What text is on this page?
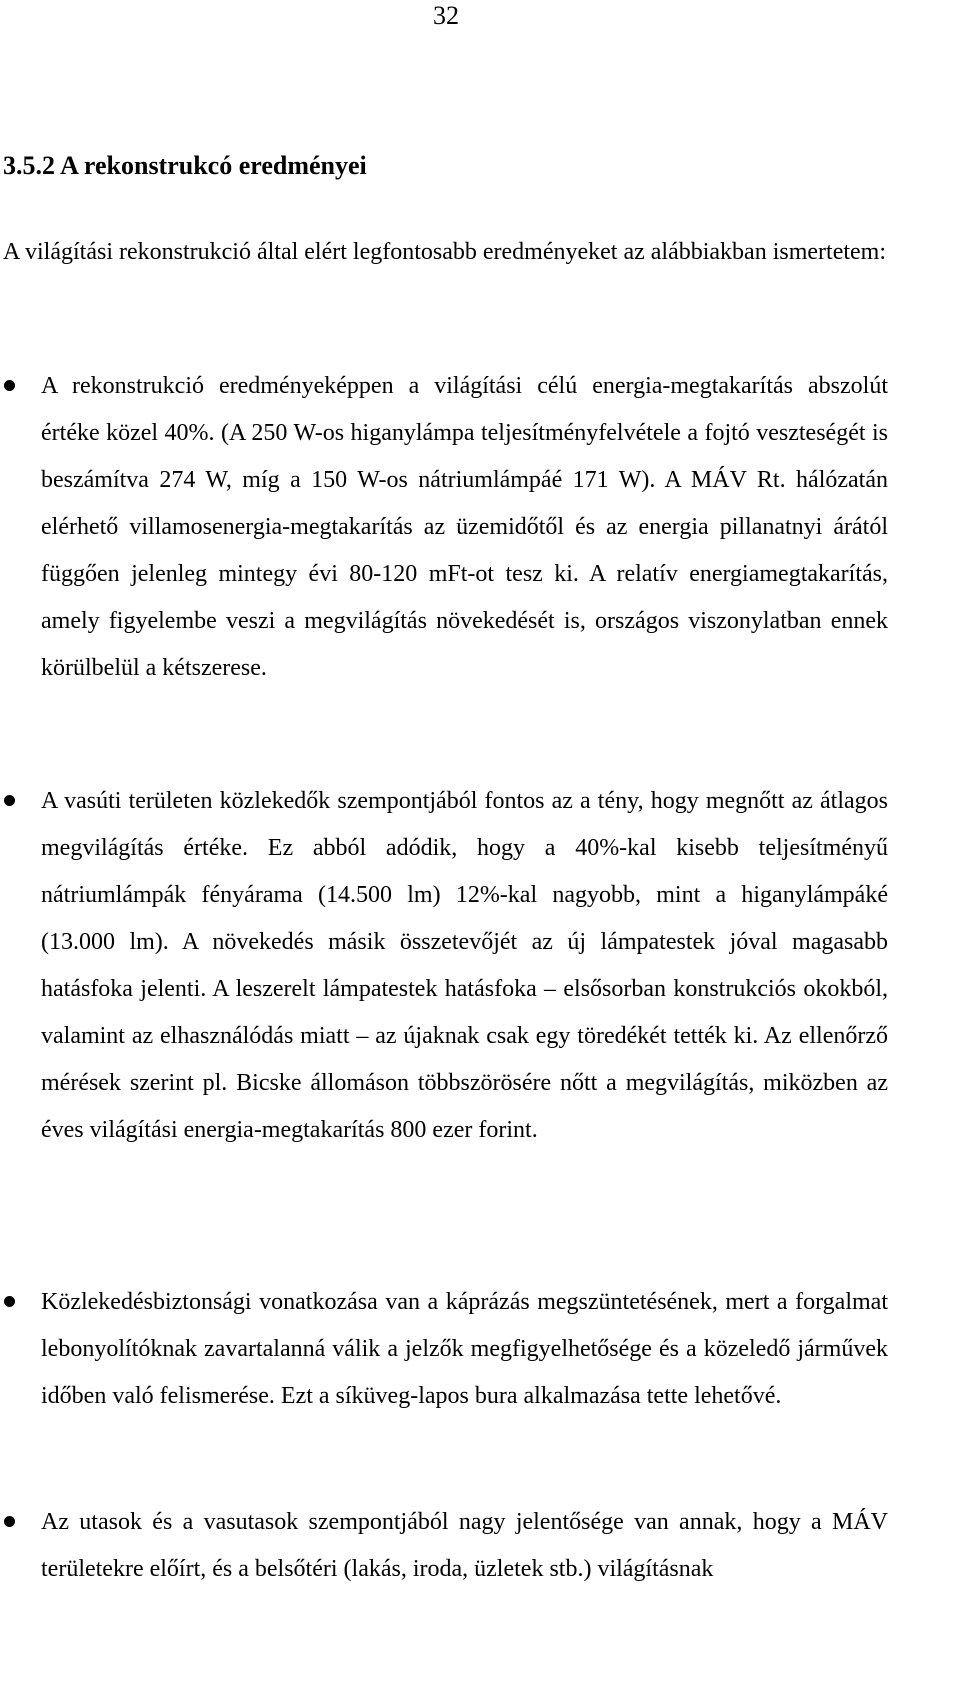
32
3.5.2 A rekonstrukcó eredményei

A világítási rekonstrukció által elért legfontosabb eredményeket az alábbiakban ismertetem:

A rekonstrukció eredményeképpen a világítási célú energia-megtakarítás abszolút értéke közel 40%. (A 250 W-os higanylámpa teljesítményfelvétele a fojtó veszteségét is beszámítva 274 W, míg a 150 W-os nátriumlámpáé 171 W). A MÁV Rt. hálózatán elérhető villamosenergia-megtakarítás az üzemidőtől és az energia pillanatnyi árától függően jelenleg mintegy évi 80-120 mFt-ot tesz ki. A relatív energiamegtakarítás, amely figyelembe veszi a megvilágítás növekedését is, országos viszonylatban ennek körülbelül a kétszerese.

A vasúti területen közlekedők szempontjából fontos az a tény, hogy megnőtt az átlagos megvilágítás értéke. Ez abból adódik, hogy a 40%-kal kisebb teljesítményű nátriumlámpák fényárama (14.500 lm) 12%-kal nagyobb, mint a higanylámpáké (13.000 lm). A növekedés másik összetevőjét az új lámpatestek jóval magasabb hatásfoka jelenti. A leszerelt lámpatestek hatásfoka – elsősorban konstrukciós okokból, valamint az elhasználódás miatt – az újaknak csak egy töredékét tették ki. Az ellenőrző mérések szerint pl. Bicske állomáson többszörösére nőtt a megvilágítás, miközben az éves világítási energia-megtakarítás 800 ezer forint.

Közlekedésbiztonsági vonatkozása van a káprázás megszüntetésének, mert a forgalmat lebonyolítóknak zavartalanná válik a jelzők megfigyelhetősége és a közeledő járművek időben való felismerése. Ezt a síküveg-lapos bura alkalmazása tette lehetővé.

Az utasok és a vasutasok szempontjából nagy jelentősége van annak, hogy a MÁV területekre előírt, és a belsőtéri (lakás, iroda, üzletek stb.) világításnak
